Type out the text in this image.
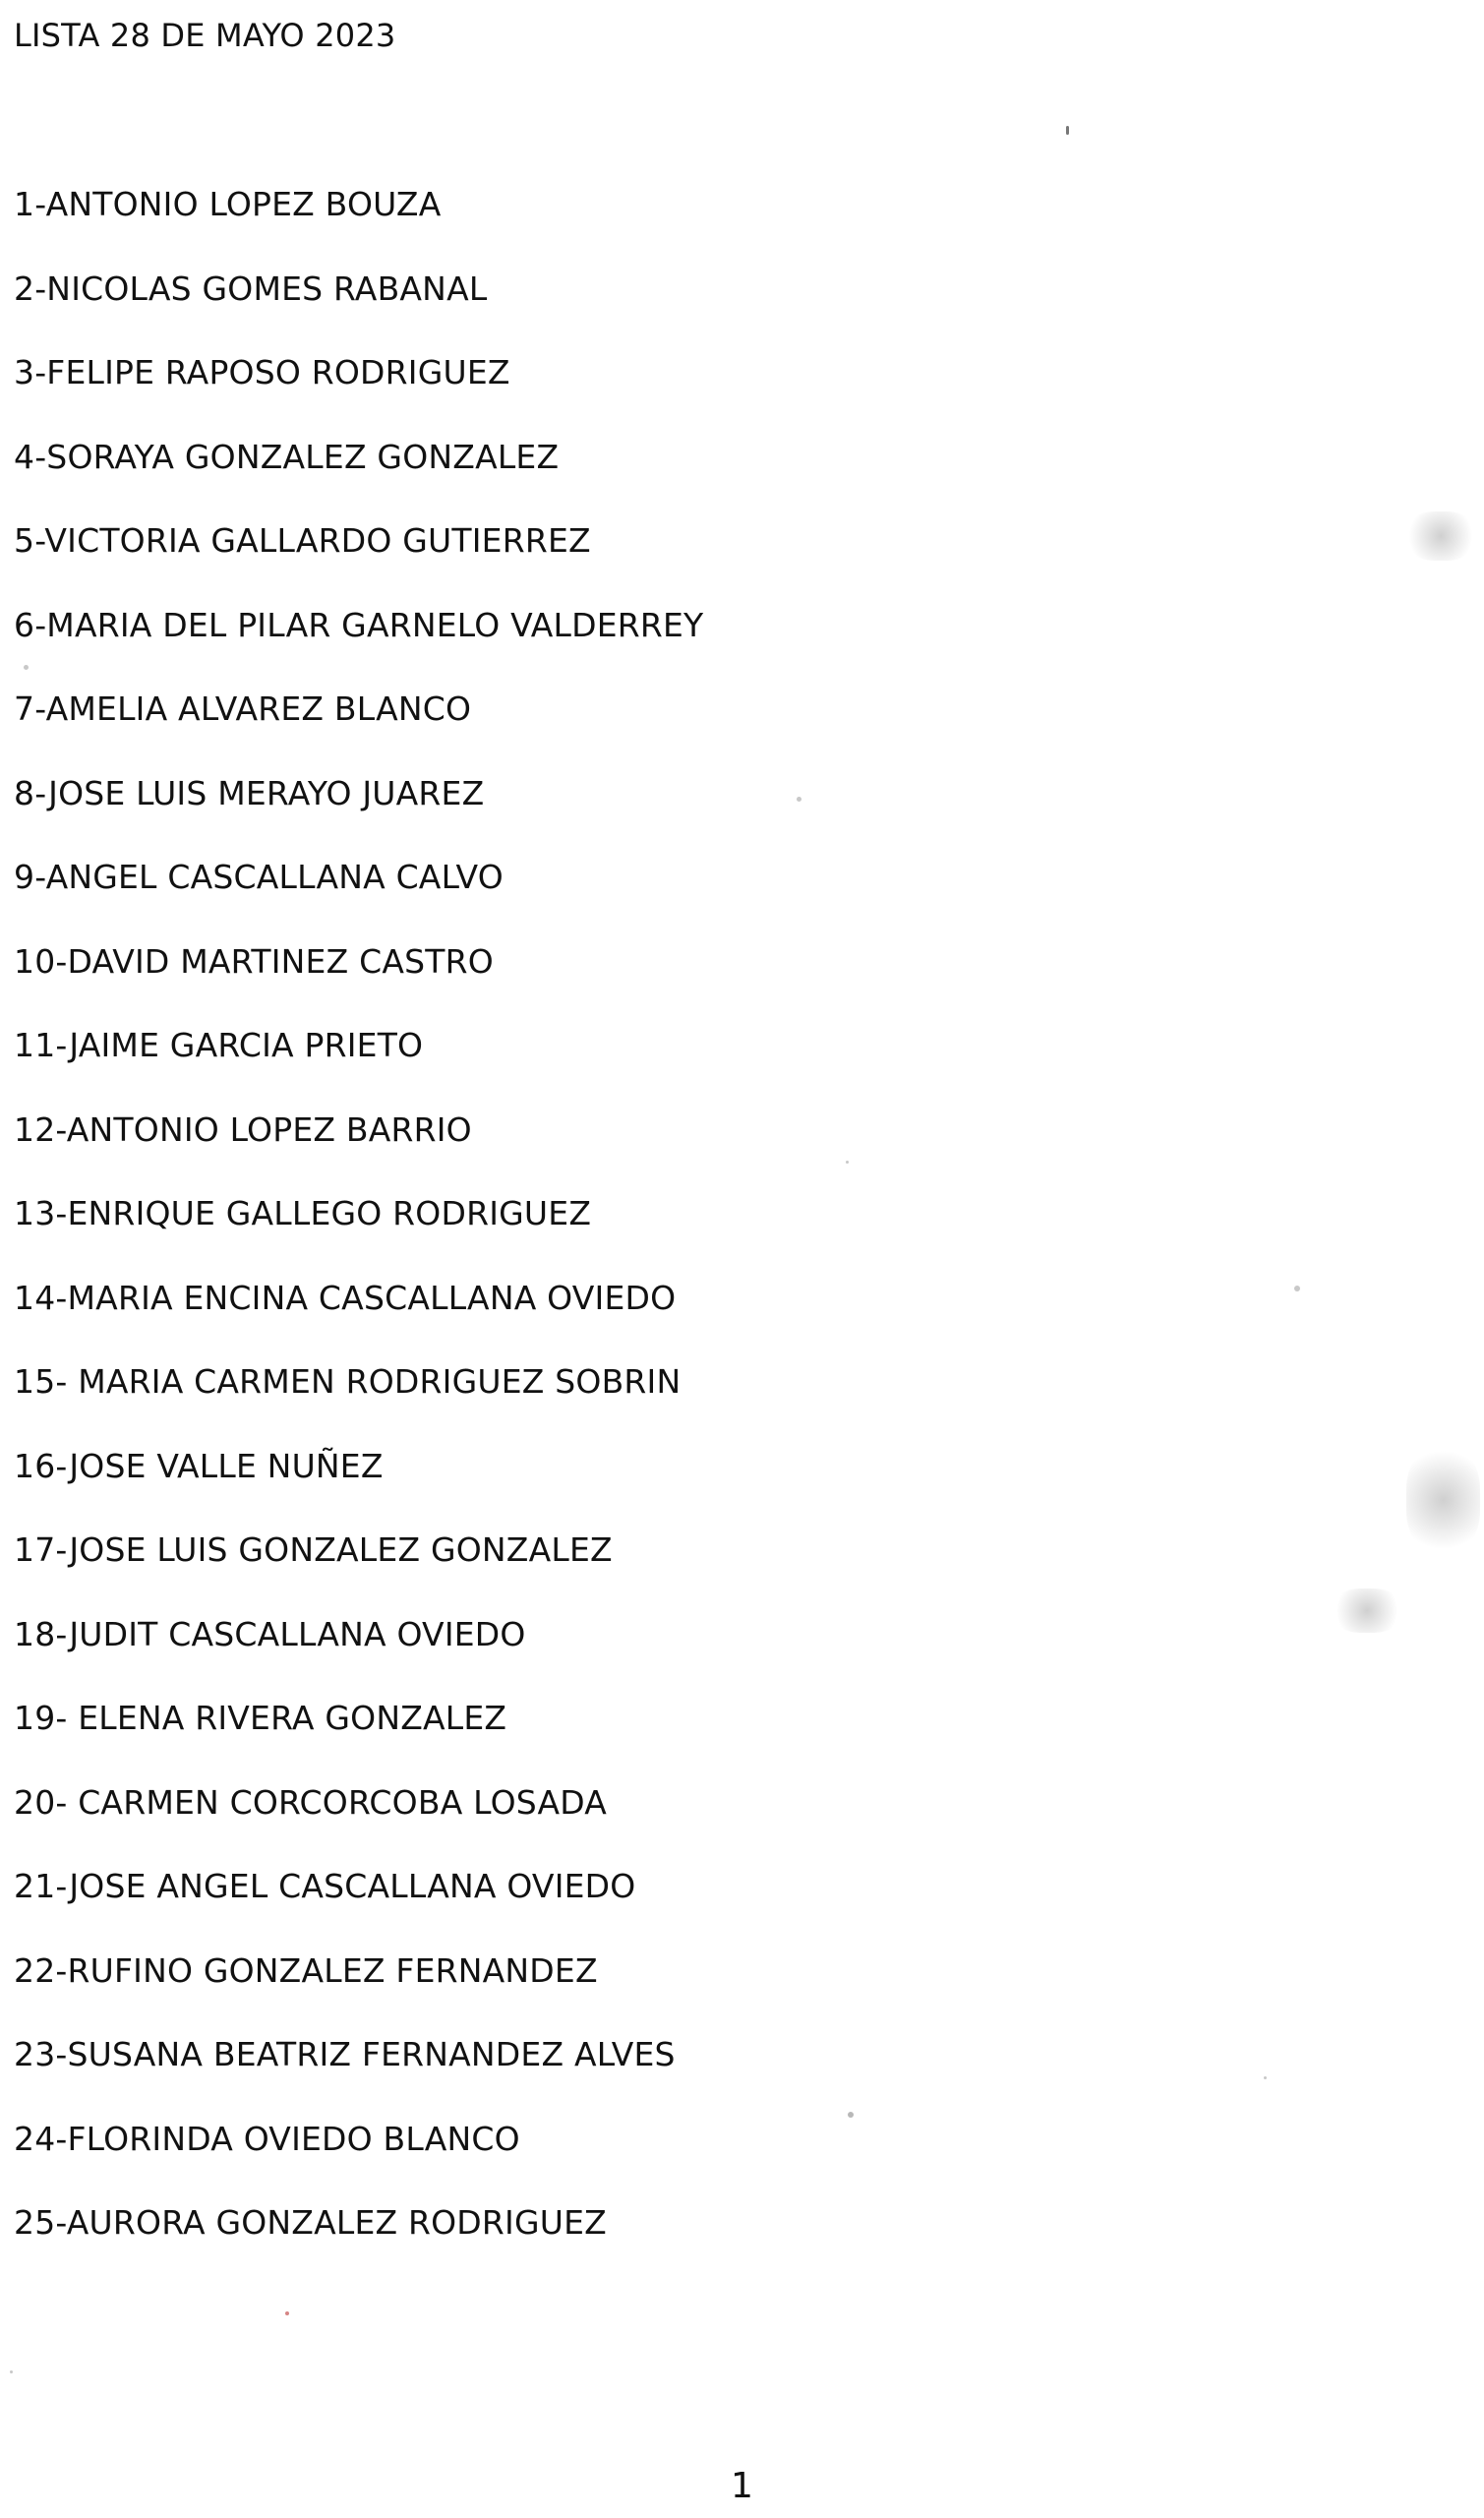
LISTA 28 DE MAYO 2023
1-ANTONIO LOPEZ BOUZA
2-NICOLAS GOMES RABANAL
3-FELIPE RAPOSO RODRIGUEZ
4-SORAYA GONZALEZ GONZALEZ
5-VICTORIA GALLARDO GUTIERREZ
6-MARIA DEL PILAR GARNELO VALDERREY
7-AMELIA ALVAREZ BLANCO
8-JOSE LUIS MERAYO JUAREZ
9-ANGEL CASCALLANA CALVO
10-DAVID MARTINEZ CASTRO
11-JAIME GARCIA PRIETO
12-ANTONIO LOPEZ BARRIO
13-ENRIQUE GALLEGO RODRIGUEZ
14-MARIA ENCINA CASCALLANA OVIEDO
15- MARIA CARMEN RODRIGUEZ SOBRIN
16-JOSE VALLE NUÑEZ
17-JOSE LUIS GONZALEZ GONZALEZ
18-JUDIT CASCALLANA OVIEDO
19- ELENA RIVERA GONZALEZ
20- CARMEN CORCORCOBA LOSADA
21-JOSE ANGEL CASCALLANA OVIEDO
22-RUFINO GONZALEZ FERNANDEZ
23-SUSANA BEATRIZ FERNANDEZ ALVES
24-FLORINDA OVIEDO BLANCO
25-AURORA GONZALEZ RODRIGUEZ
1
